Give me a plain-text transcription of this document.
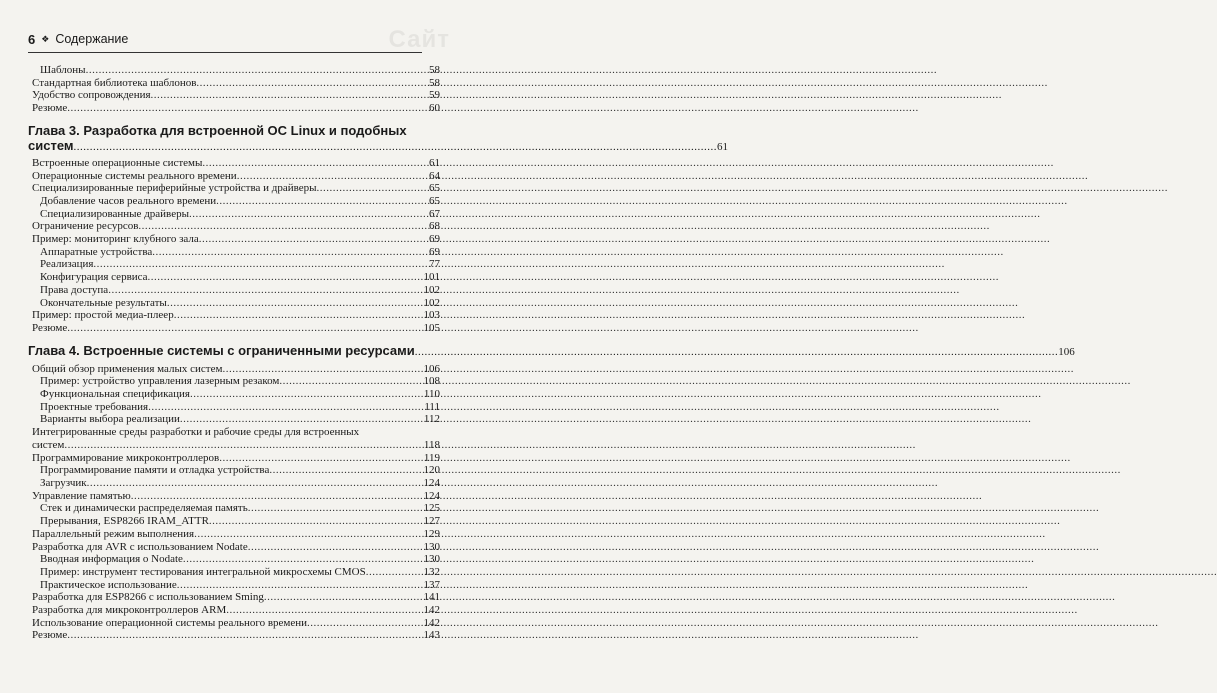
Сайт
6 ❖ Содержание
Шаблоны .....	58
Стандартная библиотека шаблонов .....	58
Удобство сопровождения .....	59
Резюме .....	60
Глава 3. Разработка для встроенной ОС Linux и подобных
систем .....	61
Встроенные операционные системы .....	61
Операционные системы реального времени .....	64
Специализированные периферийные устройства и драйверы .....	65
Добавление часов реального времени .....	65
Специализированные драйверы .....	67
Ограничение ресурсов .....	68
Пример: мониторинг клубного зала .....	69
Аппаратные устройства .....	69
Реализация .....	77
Конфигурация сервиса .....	101
Права доступа .....	102
Окончательные результаты .....	102
Пример: простой медиа-плеер .....	103
Резюме .....	105
Глава 4. Встроенные системы с ограниченными ресурсами .....	106
Общий обзор применения малых систем .....	106
Пример: устройство управления лазерным резаком .....	108
Функциональная спецификация .....	110
Проектные требования .....	111
Варианты выбора реализации .....	112
Интегрированные среды разработки и рабочие среды для встроенных
систем .....	118
Программирование микроконтроллеров .....	119
Программирование памяти и отладка устройства .....	120
Загрузчик .....	124
Управление памятью .....	124
Стек и динамически распределяемая память .....	125
Прерывания, ESP8266 IRAM_ATTR .....	127
Параллельный режим выполнения .....	129
Разработка для AVR с использованием Nodate .....	130
Вводная информация о Nodate .....	130
Пример: инструмент тестирования интегральной микросхемы CMOS .....	132
Практическое использование .....	137
Разработка для ESP8266 с использованием Sming .....	141
Разработка для микроконтроллеров ARM .....	142
Использование операционной системы реального времени .....	142
Резюме .....	143
